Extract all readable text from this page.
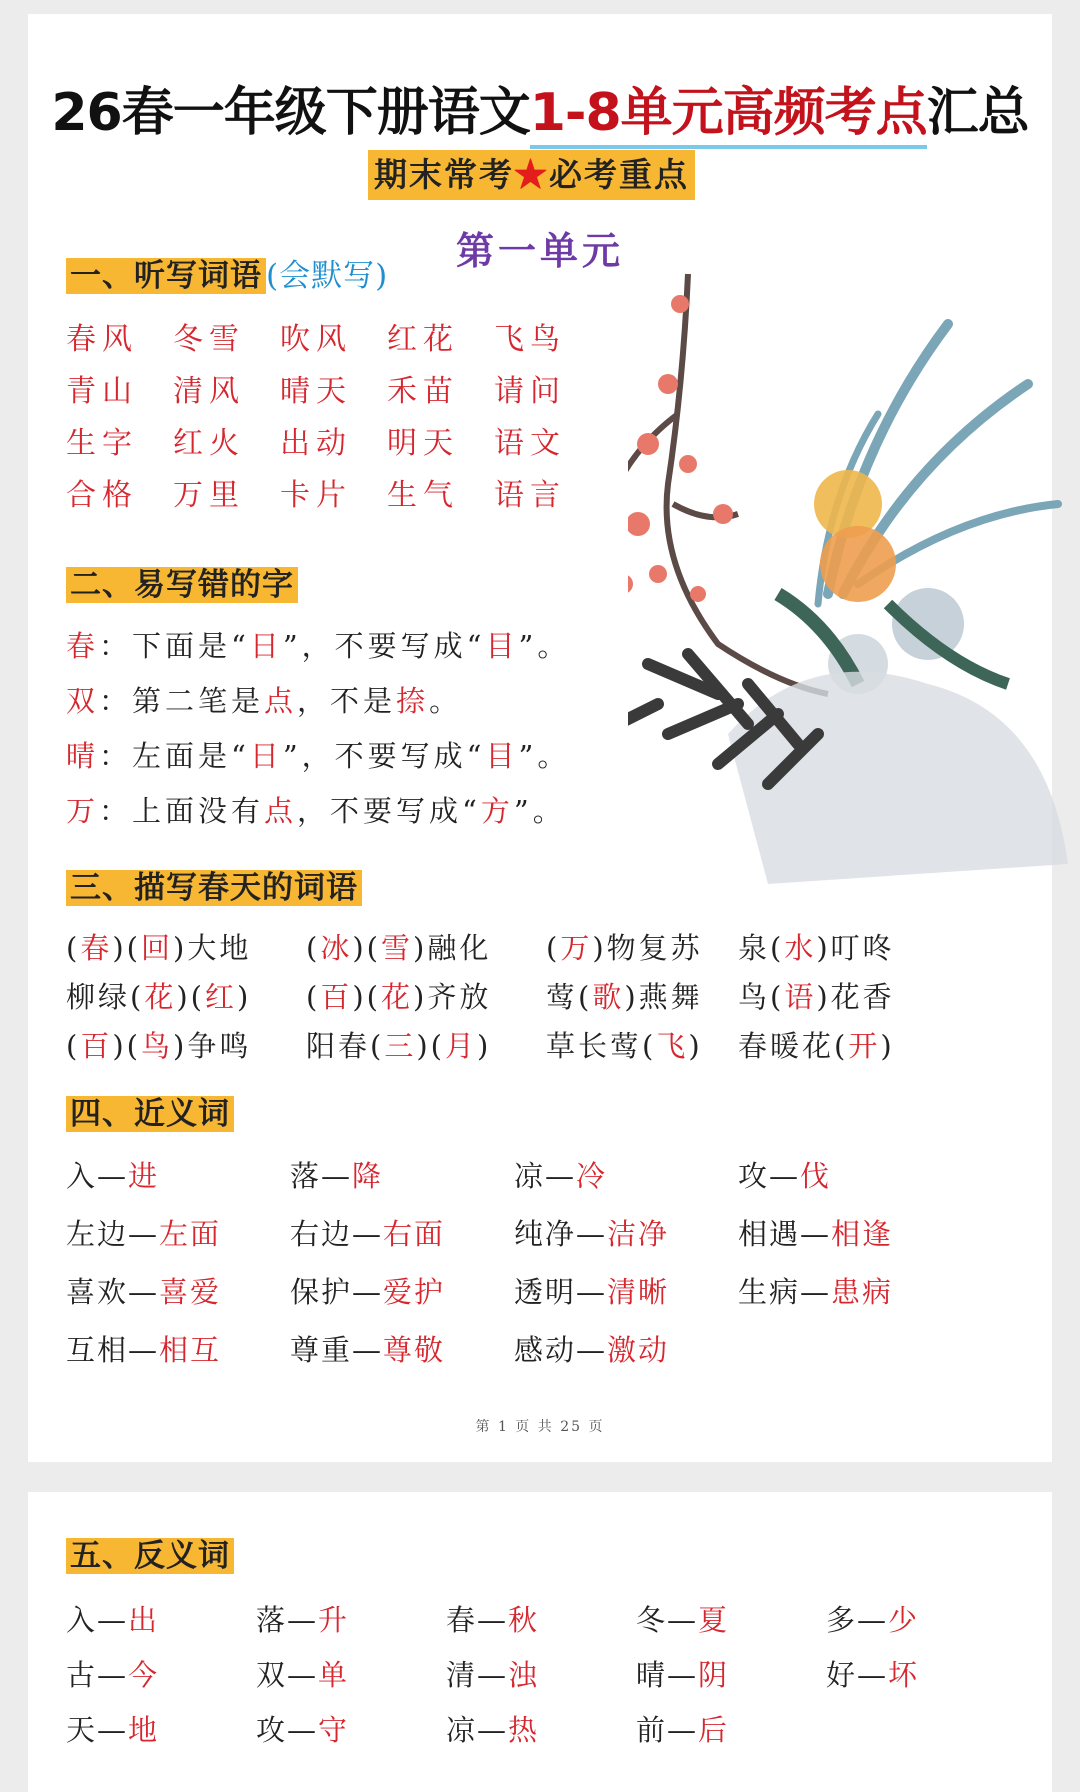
26春一年级下册语文1-8单元高频考点汇总
期末常考★必考重点
第一单元
一、听写词语 (会默写)
春风 冬雪 吹风 红花 飞鸟
青山 清风 晴天 禾苗 请问
生字 红火 出动 明天 语文
合格 万里 卡片 生气 语言
二、易写错的字
春：下面是“日”，不要写成“目”。
双：第二笔是点，不是捺。
晴：左面是“日”，不要写成“目”。
万：上面没有点，不要写成“方”。
三、描写春天的词语
(春)(回)大地 (冰)(雪)融化 (万)物复苏 泉(水)叮咚
柳绿(花)(红) (百)(花)齐放 莺(歌)燕舞 鸟(语)花香
(百)(鸟)争鸣 阳春(三)(月) 草长莺(飞) 春暖花(开)
四、近义词
入—进	落—降	凉—冷	攻—伐
左边—左面 右边—右面 纯净—洁净 相遇—相逢
喜欢—喜爱 保护—爱护 透明—清晰 生病—患病
互相—相互 尊重—尊敬 感动—激动
第 1 页 共 25 页
五、反义词
入—出	落—升	春—秋	冬—夏	多—少
古—今	双—单	清—浊	晴—阴	好—坏
天—地	攻—守	凉—热	前—后
